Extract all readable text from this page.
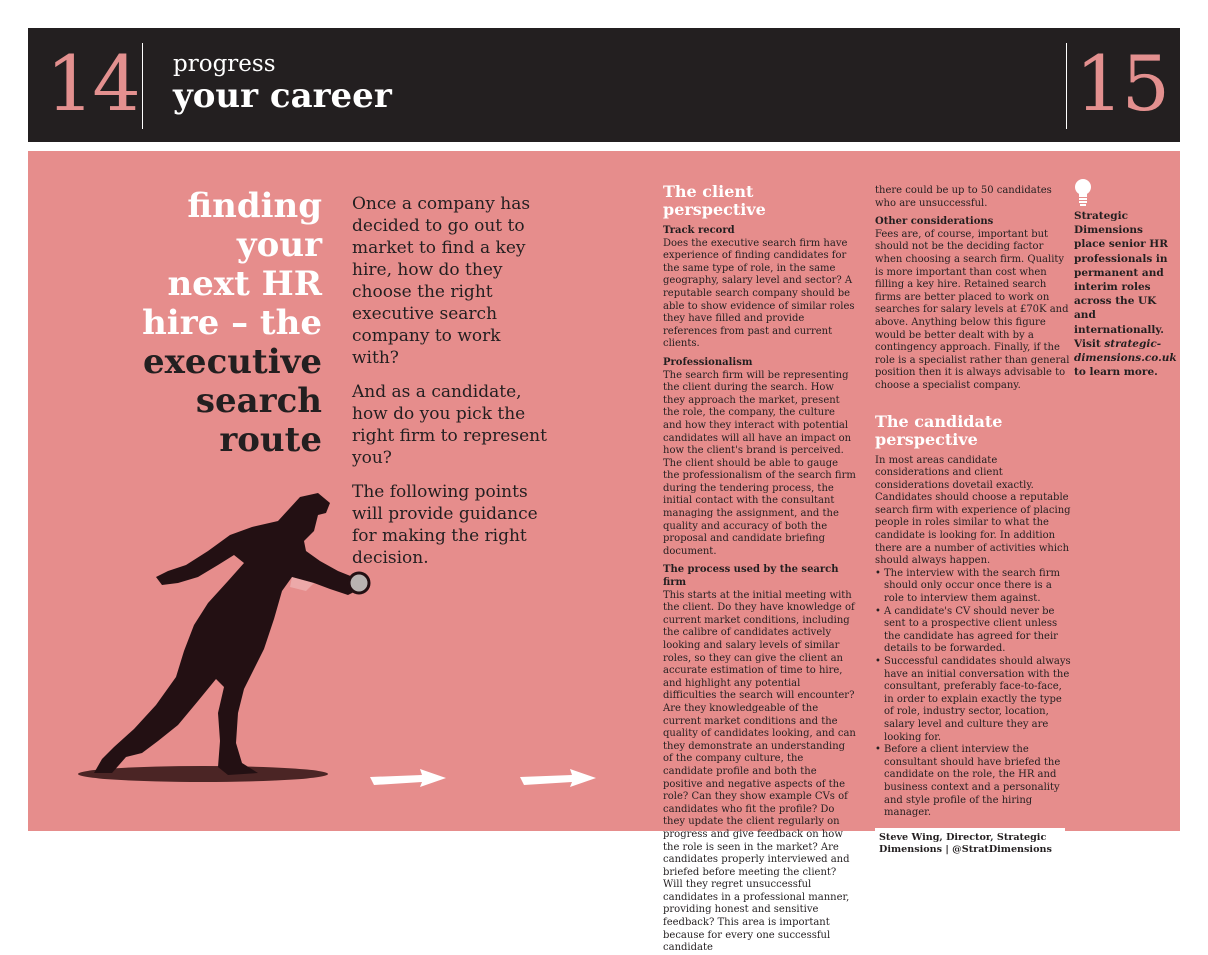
14 progress
your career	15
finding
your
next HR
hire – the
executive
search
route

Once a company has decided to go out to market to find a key hire, how do they choose the right executive search company to work with?

And as a candidate, how do you pick the right firm to represent you?

The following points will provide guidance for making the right decision.

The client perspective
Track record

Does the executive search firm have experience of finding candidates for the same type of role, in the same geography, salary level and sector? A reputable search company should be able to show evidence of similar roles they have filled and provide references from past and current clients.

Professionalism

The search firm will be representing the client during the search. How they approach the market, present the role, the company, the culture and how they interact with potential candidates will all have an impact on how the client's brand is perceived.

The client should be able to gauge the professionalism of the search firm during the tendering process, the initial contact with the consultant managing the assignment, and the quality and accuracy of both the proposal and candidate briefing document.

The process used by the search firm

This starts at the initial meeting with the client. Do they have knowledge of current market conditions, including the calibre of candidates actively looking and salary levels of similar roles, so they can give the client an accurate estimation of time to hire, and highlight any potential difficulties the search will encounter? Are they knowledgeable of the current market conditions and the quality of candidates looking, and can they demonstrate an understanding of the company culture, the candidate profile and both the positive and negative aspects of the role? Can they show example CVs of candidates who fit the profile? Do they update the client regularly on progress and give feedback on how the role is seen in the market? Are candidates properly interviewed and briefed before meeting the client? Will they regret unsuccessful candidates in a professional manner, providing honest and sensitive feedback? This area is important because for every one successful candidate

there could be up to 50 candidates who are unsuccessful.

Other considerations

Fees are, of course, important but should not be the deciding factor when choosing a search firm. Quality is more important than cost when filling a key hire. Retained search firms are better placed to work on searches for salary levels at £70K and above. Anything below this figure would be better dealt with by a contingency approach. Finally, if the role is a specialist rather than general position then it is always advisable to choose a specialist company.

The candidate perspective

In most areas candidate considerations and client considerations dovetail exactly. Candidates should choose a reputable search firm with experience of placing people in roles similar to what the candidate is looking for. In addition there are a number of activities which should always happen.

• The interview with the search firm should only occur once there is a role to interview them against.
• A candidate's CV should never be sent to a prospective client unless the candidate has agreed for their details to be forwarded.
• Successful candidates should always have an initial conversation with the consultant, preferably face-to-face, in order to explain exactly the type of role, industry sector, location, salary level and culture they are looking for.
• Before a client interview the consultant should have briefed the candidate on the role, the HR and business context and a personality and style profile of the hiring manager.
Steve Wing, Director, Strategic Dimensions | @StratDimensions
Strategic Dimensions place senior HR professionals in permanent and interim roles across the UK and internationally. Visit strategic-dimensions.co.uk to learn more.
